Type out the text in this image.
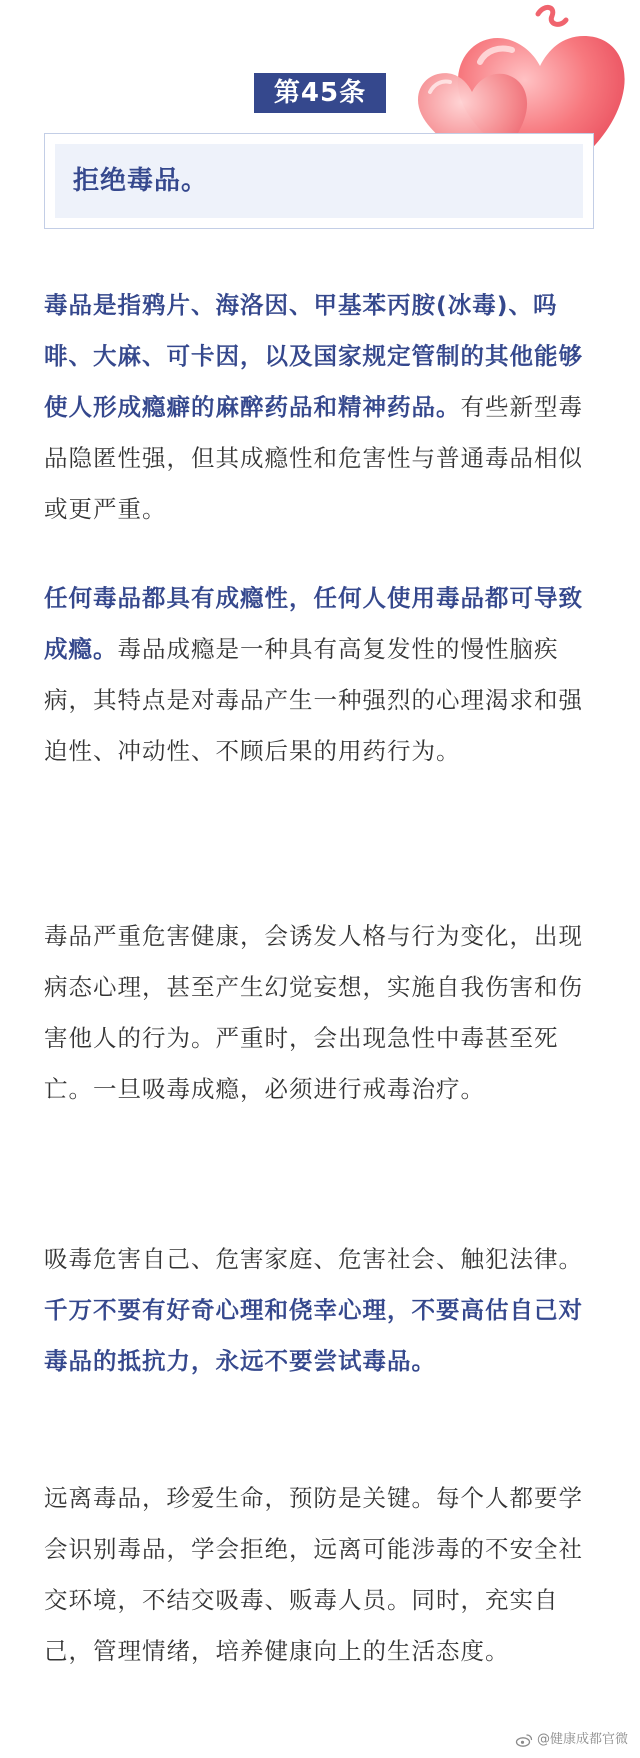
第45条
拒绝毒品。

毒品是指鸦片、海洛因、甲基苯丙胺(冰毒)、吗啡、大麻、可卡因，以及国家规定管制的其他能够使人形成瘾癖的麻醉药品和精神药品。有些新型毒品隐匿性强，但其成瘾性和危害性与普通毒品相似或更严重。

任何毒品都具有成瘾性，任何人使用毒品都可导致成瘾。毒品成瘾是一种具有高复发性的慢性脑疾病，其特点是对毒品产生一种强烈的心理渴求和强迫性、冲动性、不顾后果的用药行为。

毒品严重危害健康，会诱发人格与行为变化，出现病态心理，甚至产生幻觉妄想，实施自我伤害和伤害他人的行为。严重时，会出现急性中毒甚至死亡。一旦吸毒成瘾，必须进行戒毒治疗。

吸毒危害自己、危害家庭、危害社会、触犯法律。千万不要有好奇心理和侥幸心理，不要高估自己对毒品的抵抗力，永远不要尝试毒品。

远离毒品，珍爱生命，预防是关键。每个人都要学会识别毒品，学会拒绝，远离可能涉毒的不安全社交环境，不结交吸毒、贩毒人员。同时，充实自己，管理情绪，培养健康向上的生活态度。

@健康成都官微
